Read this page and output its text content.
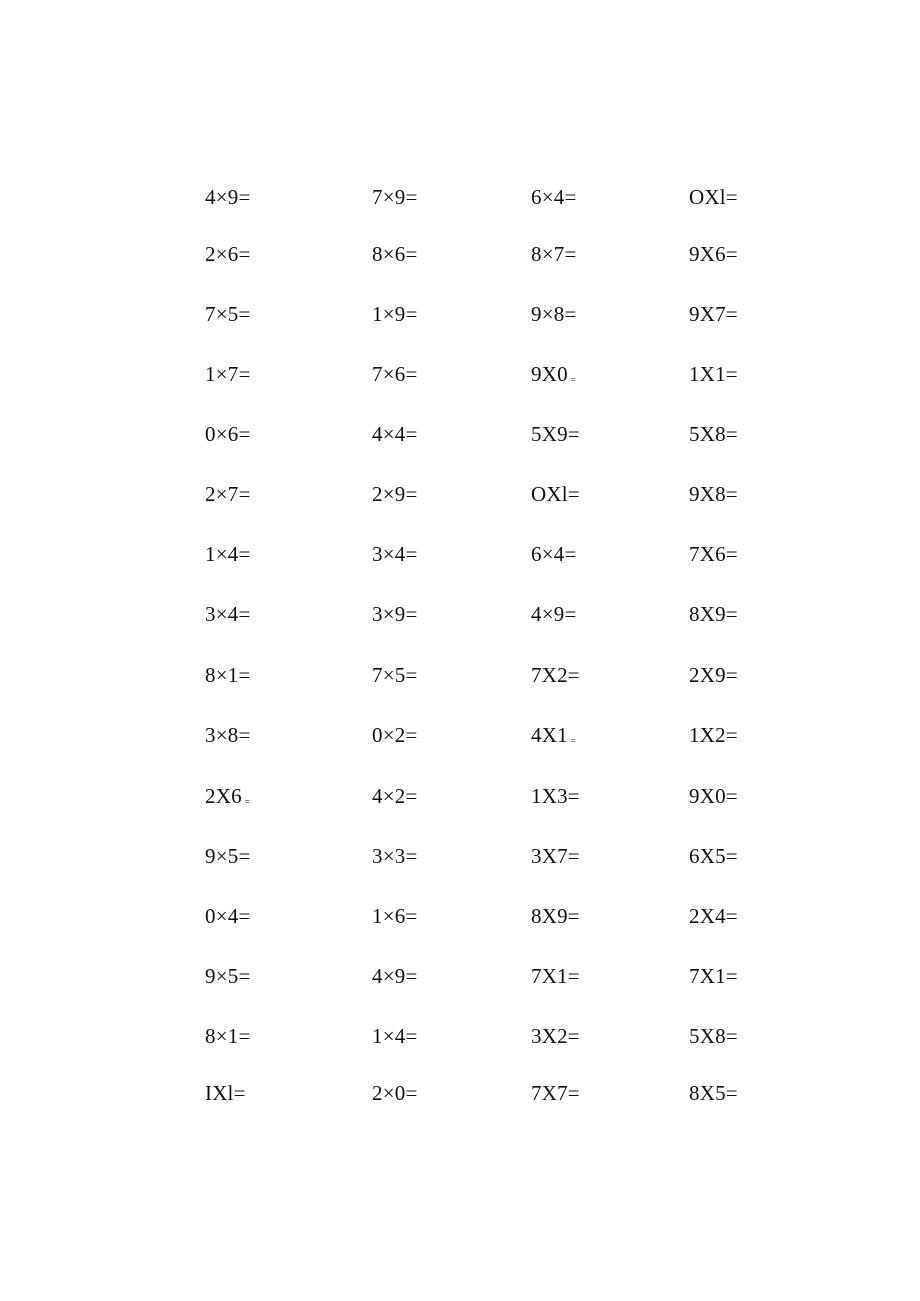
4×9=	7×9=	6×4=	OXl=
2×6=	8×6=	8×7=	9X6=
7×5=	1×9=	9×8=	9X7=
1×7=	7×6=	9X0 =	1X1=
0×6=	4×4=	5X9=	5X8=
2×7=	2×9=	OXl=	9X8=
1×4=	3×4=	6×4=	7X6=
3×4=	3×9=	4×9=	8X9=
8×1=	7×5=	7X2=	2X9=
3×8=	0×2=	4X1 =	1X2=
2X6 =	4×2=	1X3=	9X0=
9×5=	3×3=	3X7=	6X5=
0×4=	1×6=	8X9=	2X4=
9×5=	4×9=	7X1=	7X1=
8×1=	1×4=	3X2=	5X8=
IXl=	2×0=	7X7=	8X5=
